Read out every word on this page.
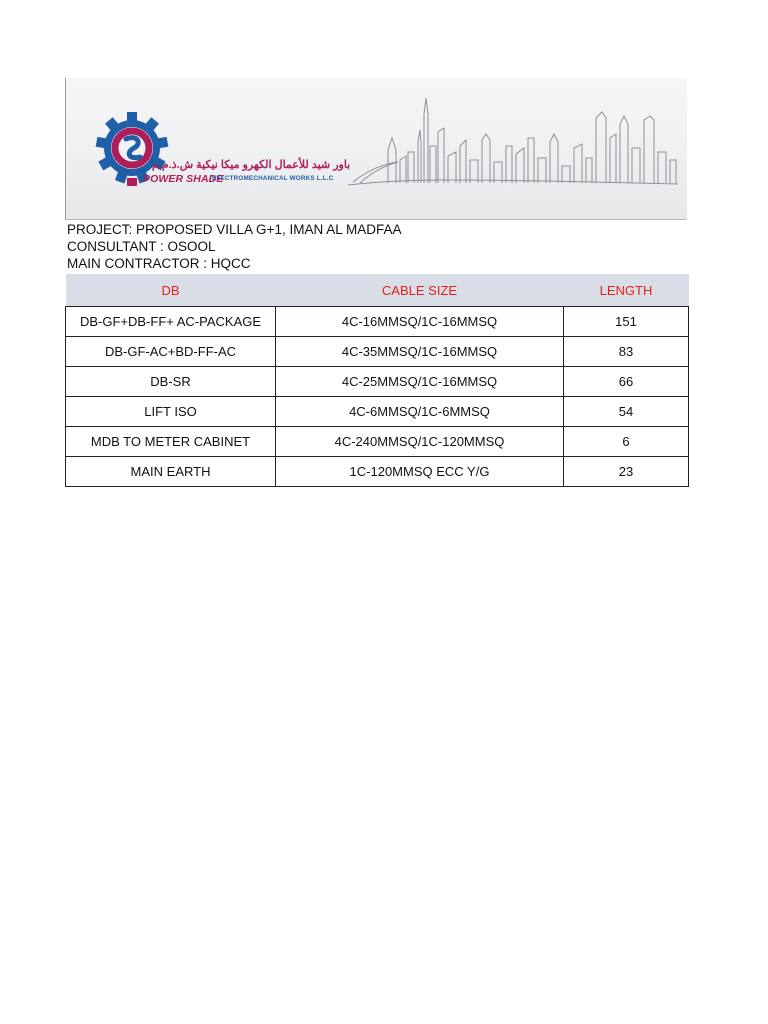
باور شيد للأعمال الكهرو ميكا نيكية ش.ذ.م.م
POWER SHADE
ELECTROMECHANICAL WORKS L.L.C
PROJECT: PROPOSED VILLA G+1, IMAN AL MADFAA
CONSULTANT : OSOOL
MAIN CONTRACTOR : HQCC
DB	CABLE SIZE	LENGTH
DB-GF+DB-FF+ AC-PACKAGE	4C-16MMSQ/1C-16MMSQ	151
DB-GF-AC+BD-FF-AC	4C-35MMSQ/1C-16MMSQ	83
DB-SR	4C-25MMSQ/1C-16MMSQ	66
LIFT ISO	4C-6MMSQ/1C-6MMSQ	54
MDB TO METER CABINET	4C-240MMSQ/1C-120MMSQ	6
MAIN EARTH	1C-120MMSQ ECC Y/G	23
